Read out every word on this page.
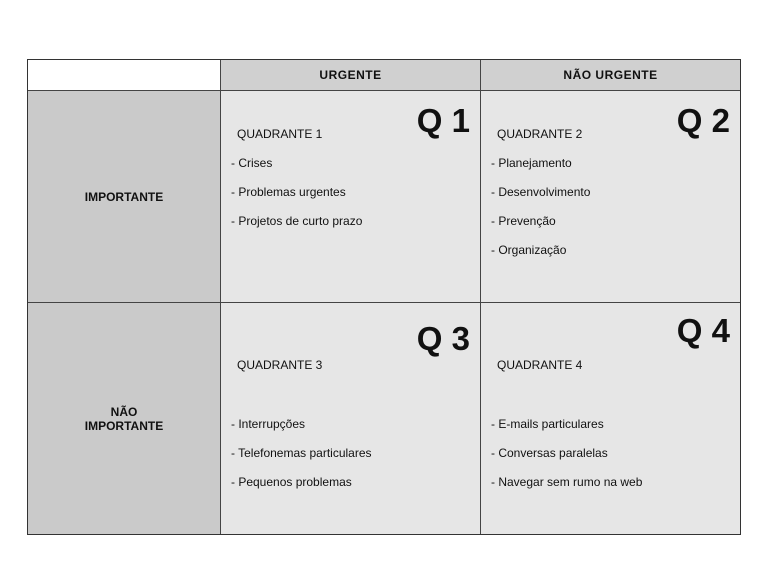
URGENTE	NÃO URGENTE
IMPORTANTE
Q 1
QUADRANTE 1
- Crises
- Problemas urgentes
- Projetos de curto prazo
Q 2
QUADRANTE 2
- Planejamento
- Desenvolvimento
- Prevenção
- Organização
NÃO
IMPORTANTE
Q 3
QUADRANTE 3
- Interrupções
- Telefonemas particulares
- Pequenos problemas
Q 4
QUADRANTE 4
- E-mails particulares
- Conversas paralelas
- Navegar sem rumo na web
